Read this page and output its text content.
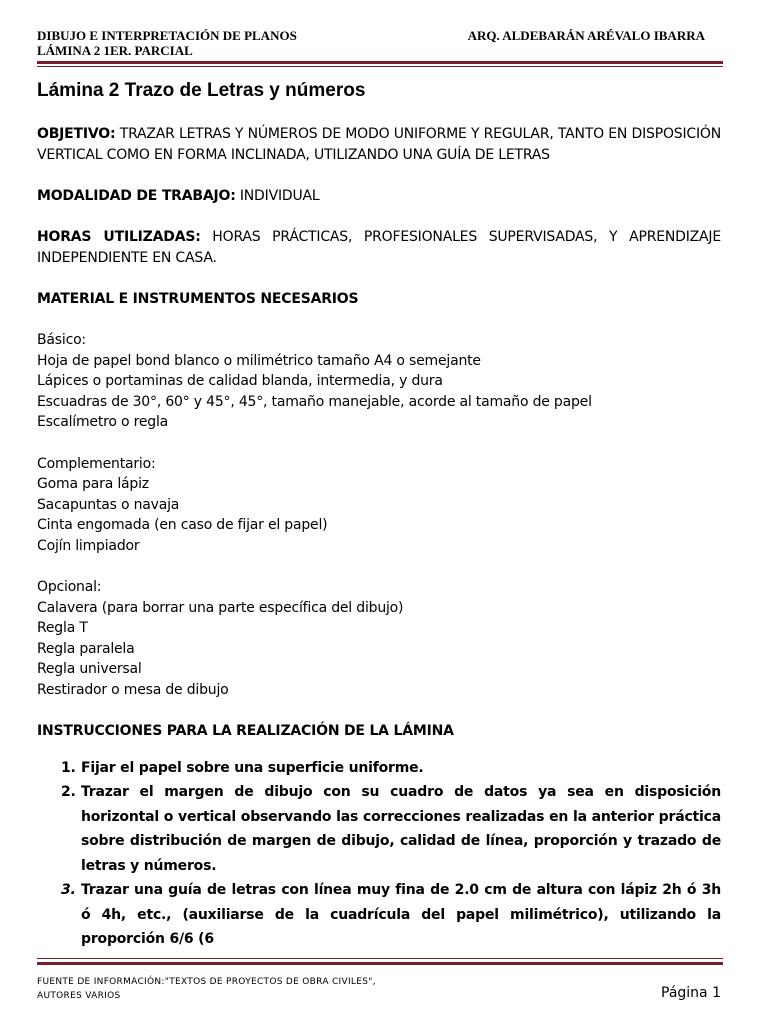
DIBUJO E INTERPRETACIÓN DE PLANOS	ARQ. ALDEBARÁN ARÉVALO IBARRA
LÁMINA 2 1ER. PARCIAL
Lámina 2 Trazo de Letras y números

OBJETIVO: TRAZAR LETRAS Y NÚMEROS DE MODO UNIFORME Y REGULAR, TANTO EN DISPOSICIÓN VERTICAL COMO EN FORMA INCLINADA, UTILIZANDO UNA GUÍA DE LETRAS

MODALIDAD DE TRABAJO: INDIVIDUAL

HORAS UTILIZADAS: HORAS PRÁCTICAS, PROFESIONALES SUPERVISADAS, Y APRENDIZAJE INDEPENDIENTE EN CASA.

MATERIAL E INSTRUMENTOS NECESARIOS

Básico:

Hoja de papel bond blanco o milimétrico tamaño A4 o semejante
Lápices o portaminas de calidad blanda, intermedia, y dura
Escuadras de 30°, 60° y 45°, 45°, tamaño manejable, acorde al tamaño de papel
Escalímetro o regla

Complementario:

Goma para lápiz
Sacapuntas o navaja
Cinta engomada (en caso de fijar el papel)
Cojín limpiador

Opcional:

Calavera (para borrar una parte específica del dibujo)
Regla T
Regla paralela
Regla universal
Restirador o mesa de dibujo

INSTRUCCIONES PARA LA REALIZACIÓN DE LA LÁMINA

1. Fijar el papel sobre una superficie uniforme.
2. Trazar el margen de dibujo con su cuadro de datos ya sea en disposición horizontal o vertical observando las correcciones realizadas en la anterior práctica sobre distribución de margen de dibujo, calidad de línea, proporción y trazado de letras y números.
3. Trazar una guía de letras con línea muy fina de 2.0 cm de altura con lápiz 2h ó 3h ó 4h, etc., (auxiliarse de la cuadrícula del papel milimétrico), utilizando la proporción 6/6 (6
FUENTE DE INFORMACIÓN:"TEXTOS DE PROYECTOS DE OBRA CIVILES",
AUTORES VARIOS	Página 1
